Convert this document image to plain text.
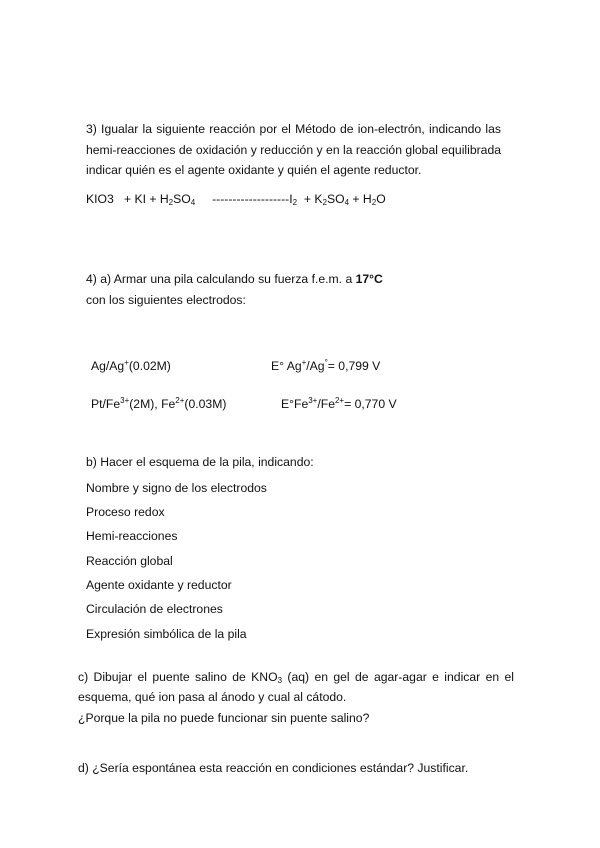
3) Igualar la siguiente reacción por el Método de ion-electrón, indicando las
hemi-reacciones de oxidación y reducción y en la reacción global equilibrada
indicar quién es el agente oxidante y quién el agente reductor.
KIO3 + KI + $H_2SO_4$ $-------------------I_2 + K_2SO_4 + H_2O$
4) a) Armar una pila calculando su fuerza f.e.m. a 17°C
con los siguientes electrodos:
Ag/Ag+(0.02M)	E° Ag+/Ag°= 0,799 V
$Pt/Fe^{3+}(2M)$, $Fe^{2+}(0.03M)$	$E^\circ Fe^{3+}/Fe^{2+}= 0,770$ V
b) Hacer el esquema de la pila, indicando:
Nombre y signo de los electrodos
Proceso redox
Hemi-reacciones
Reacción global
Agente oxidante y reductor
Circulación de electrones
Expresión simbólica de la pila
c) Dibujar el puente salino de $KNO_3$ (aq) en gel de agar-agar e indicar en el
esquema, qué ion pasa al ánodo y cual al cátodo.
¿Porque la pila no puede funcionar sin puente salino?
d) ¿Sería espontánea esta reacción en condiciones estándar? Justificar.
